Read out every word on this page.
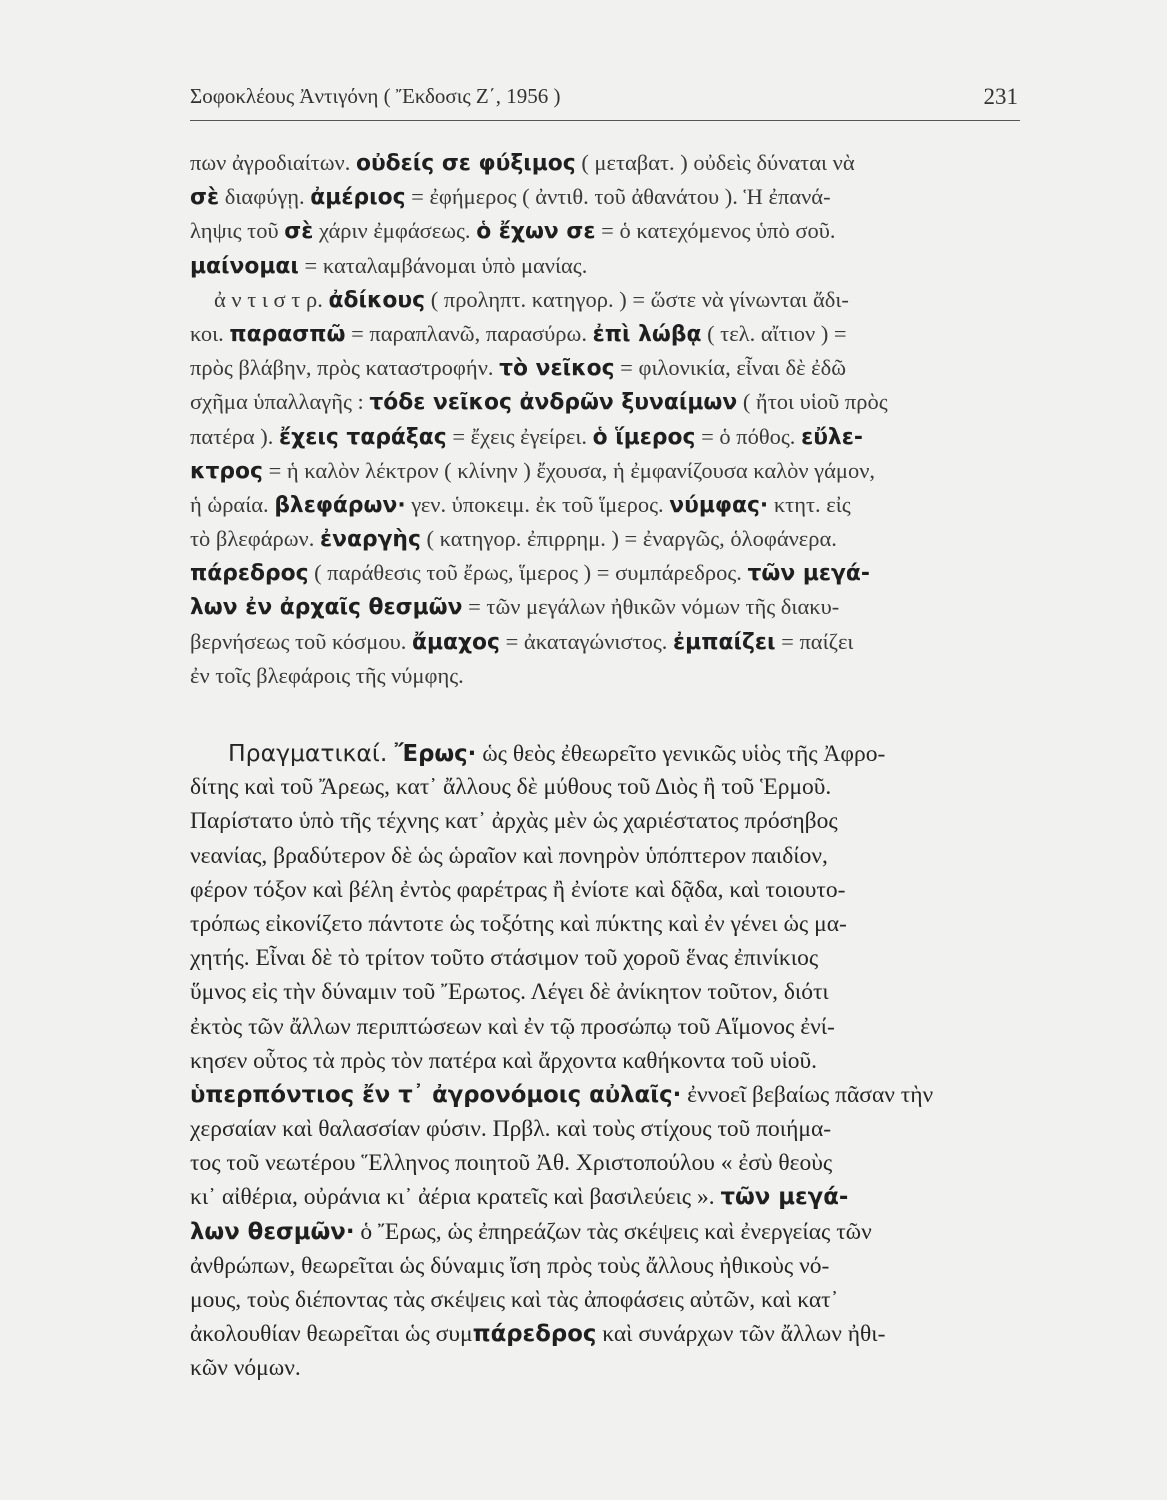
Σοφοκλέους Ἀντιγόνη ( Ἔκδοσις Ζ΄, 1956 )	231
πων ἀγροδιαίτων. οὐδείς σε φύξιμος ( μεταβατ. ) οὐδεὶς δύναται νὰ
σὲ διαφύγῃ. ἀμέριος = ἐφήμερος ( ἀντιθ. τοῦ ἀθανάτου ). Ἡ ἐπανά-
ληψις τοῦ σὲ χάριν ἐμφάσεως. ὁ ἔχων σε = ὁ κατεχόμενος ὑπὸ σοῦ.
μαίνομαι = καταλαμβάνομαι ὑπὸ μανίας.
ἀ ν τ ι σ τ ρ. ἀδίκους ( προληπτ. κατηγορ. ) = ὥστε νὰ γίνωνται ἄδι-
κοι. παρασπῶ = παραπλανῶ, παρασύρω. ἐπὶ λώβᾳ ( τελ. αἴτιον ) =
πρὸς βλάβην, πρὸς καταστροφήν. τὸ νεῖκος = φιλονικία, εἶναι δὲ ἐδῶ
σχῆμα ὑπαλλαγῆς : τόδε νεῖκος ἀνδρῶν ξυναίμων ( ἤτοι υἱοῦ πρὸς
πατέρα ). ἔχεις ταράξας = ἔχεις ἐγείρει. ὁ ἵμερος = ὁ πόθος. εὔλε-
κτρος = ἡ καλὸν λέκτρον ( κλίνην ) ἔχουσα, ἡ ἐμφανίζουσα καλὸν γάμον,
ἡ ὡραία. βλεφάρων· γεν. ὑποκειμ. ἐκ τοῦ ἵμερος. νύμφας· κτητ. εἰς
τὸ βλεφάρων. ἐναργὴς ( κατηγορ. ἐπιρρημ. ) = ἐναργῶς, ὁλοφάνερα.
πάρεδρος ( παράθεσις τοῦ ἔρως, ἵμερος ) = συμπάρεδρος. τῶν μεγά-
λων ἐν ἀρχαῖς θεσμῶν = τῶν μεγάλων ἠθικῶν νόμων τῆς διακυ-
βερνήσεως τοῦ κόσμου. ἄμαχος = ἀκαταγώνιστος. ἐμπαίζει = παίζει
ἐν τοῖς βλεφάροις τῆς νύμφης.
Πραγματικαί. Ἔρως· ὡς θεὸς ἐθεωρεῖτο γενικῶς υἱὸς τῆς Ἀφρο-
δίτης καὶ τοῦ Ἄρεως, κατ᾿ ἄλλους δὲ μύθους τοῦ Διὸς ἢ τοῦ Ἑρμοῦ.
Παρίστατο ὑπὸ τῆς τέχνης κατ᾿ ἀρχὰς μὲν ὡς χαριέστατος πρόσηβος
νεανίας, βραδύτερον δὲ ὡς ὡραῖον καὶ πονηρὸν ὑπόπτερον παιδίον,
φέρον τόξον καὶ βέλη ἐντὸς φαρέτρας ἢ ἐνίοτε καὶ δᾷδα, καὶ τοιουτο-
τρόπως εἰκονίζετο πάντοτε ὡς τοξότης καὶ πύκτης καὶ ἐν γένει ὡς μα-
χητής. Εἶναι δὲ τὸ τρίτον τοῦτο στάσιμον τοῦ χοροῦ ἕνας ἐπινίκιος
ὕμνος εἰς τὴν δύναμιν τοῦ Ἔρωτος. Λέγει δὲ ἀνίκητον τοῦτον, διότι
ἐκτὸς τῶν ἄλλων περιπτώσεων καὶ ἐν τῷ προσώπῳ τοῦ Αἵμονος ἐνί-
κησεν οὗτος τὰ πρὸς τὸν πατέρα καὶ ἄρχοντα καθήκοντα τοῦ υἱοῦ.
ὑπερπόντιος ἔν τ᾿ ἀγρονόμοις αὐλαῖς· ἐννοεῖ βεβαίως πᾶσαν τὴν
χερσαίαν καὶ θαλασσίαν φύσιν. Πρβλ. καὶ τοὺς στίχους τοῦ ποιήμα-
τος τοῦ νεωτέρου Ἕλληνος ποιητοῦ Ἀθ. Χριστοπούλου « ἐσὺ θεοὺς
κι᾿ αἰθέρια, οὐράνια κι᾿ ἀέρια κρατεῖς καὶ βασιλεύεις ». τῶν μεγά-
λων θεσμῶν· ὁ Ἔρως, ὡς ἐπηρεάζων τὰς σκέψεις καὶ ἐνεργείας τῶν
ἀνθρώπων, θεωρεῖται ὡς δύναμις ἴση πρὸς τοὺς ἄλλους ἠθικοὺς νό-
μους, τοὺς διέποντας τὰς σκέψεις καὶ τὰς ἀποφάσεις αὐτῶν, καὶ κατ᾿
ἀκολουθίαν θεωρεῖται ὡς συμπάρεδρος καὶ συνάρχων τῶν ἄλλων ἠθι-
κῶν νόμων.
